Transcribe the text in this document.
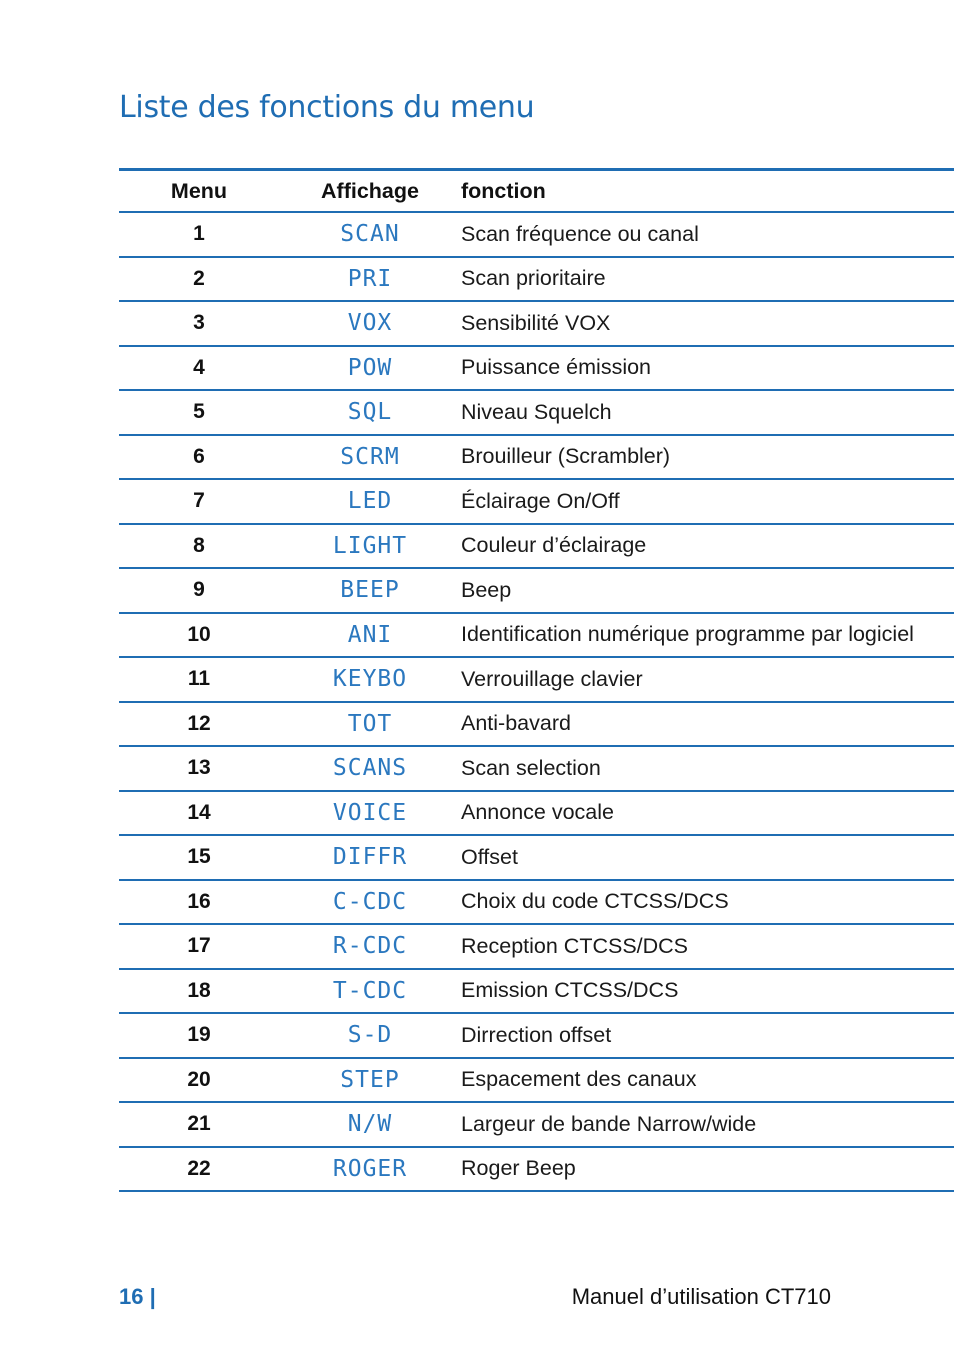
Liste des fonctions du menu
Menu	Affichage	fonction
1	SCAN	Scan fréquence ou canal
2	PRI	Scan prioritaire
3	VOX	Sensibilité VOX
4	POW	Puissance émission
5	SQL	Niveau Squelch
6	SCRM	Brouilleur (Scrambler)
7	LED	Éclairage On/Off
8	LIGHT	Couleur d’éclairage
9	BEEP	Beep
10	ANI	Identification numérique programme par logiciel
11	KEYBO	Verrouillage clavier
12	TOT	Anti-bavard
13	SCANS	Scan selection
14	VOICE	Annonce vocale
15	DIFFR	Offset
16	C-CDC	Choix du code CTCSS/DCS
17	R-CDC	Reception CTCSS/DCS
18	T-CDC	Emission CTCSS/DCS
19	S-D	Dirrection offset
20	STEP	Espacement des canaux
21	N/W	Largeur de bande Narrow/wide
22	ROGER	Roger Beep
16 |	Manuel d’utilisation CT710
